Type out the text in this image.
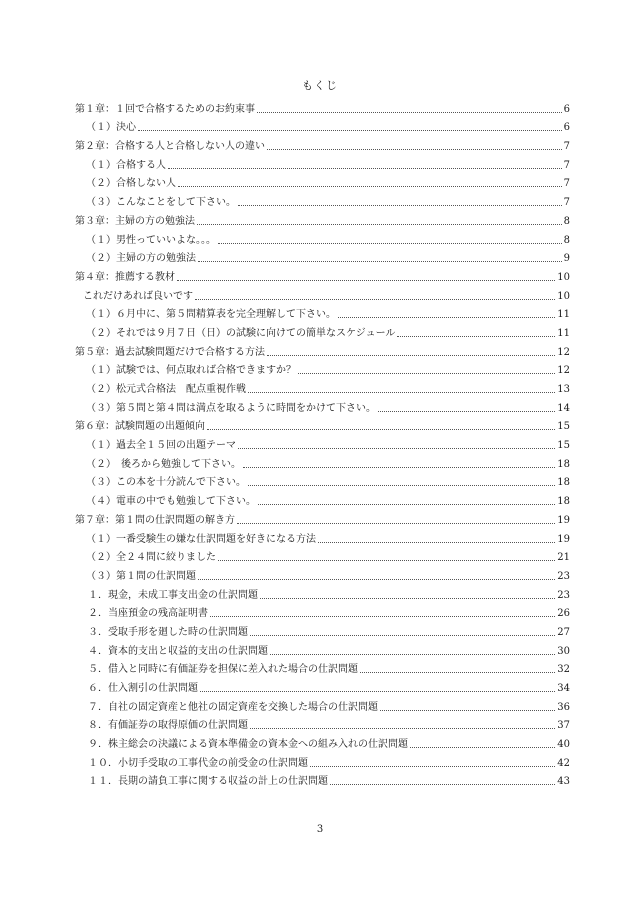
もくじ
第１章：１回で合格するためのお約束事	6
（１）決心	6
第２章：合格する人と合格しない人の違い	7
（１）合格する人	7
（２）合格しない人	7
（３）こんなことをして下さい。	7
第３章：主婦の方の勉強法	8
（１）男性っていいよな。。。	8
（２）主婦の方の勉強法	9
第４章：推薦する教材	10
これだけあれば良いです	10
（１）６月中に、第５問精算表を完全理解して下さい。	11
（２）それでは９月７日（日）の試験に向けての簡単なスケジュール	11
第５章：過去試験問題だけで合格する方法	12
（１）試験では、何点取れば合格できますか？	12
（２）松元式合格法　配点重視作戦	13
（３）第５問と第４問は満点を取るように時間をかけて下さい。	14
第６章：試験問題の出題傾向	15
（１）過去全１５回の出題テーマ	15
（２）　後ろから勉強して下さい。	18
（３）この本を十分読んで下さい。	18
（４）電車の中でも勉強して下さい。	18
第７章：第１問の仕訳問題の解き方	19
（１）一番受験生の嫌な仕訳問題を好きになる方法	19
（２）全２４問に絞りました	21
（３）第１問の仕訳問題	23
１．現金，未成工事支出金の仕訳問題	23
２．当座預金の残高証明書	26
３．受取手形を廻した時の仕訳問題	27
４．資本的支出と収益的支出の仕訳問題	30
５．借入と同時に有価証券を担保に差入れた場合の仕訳問題	32
６．仕入割引の仕訳問題	34
７．自社の固定資産と他社の固定資産を交換した場合の仕訳問題	36
８．有価証券の取得原価の仕訳問題	37
９．株主総会の決議による資本準備金の資本金への組み入れの仕訳問題	40
１０．小切手受取の工事代金の前受金の仕訳問題	42
１１．長期の請負工事に関する収益の計上の仕訳問題	43
3
